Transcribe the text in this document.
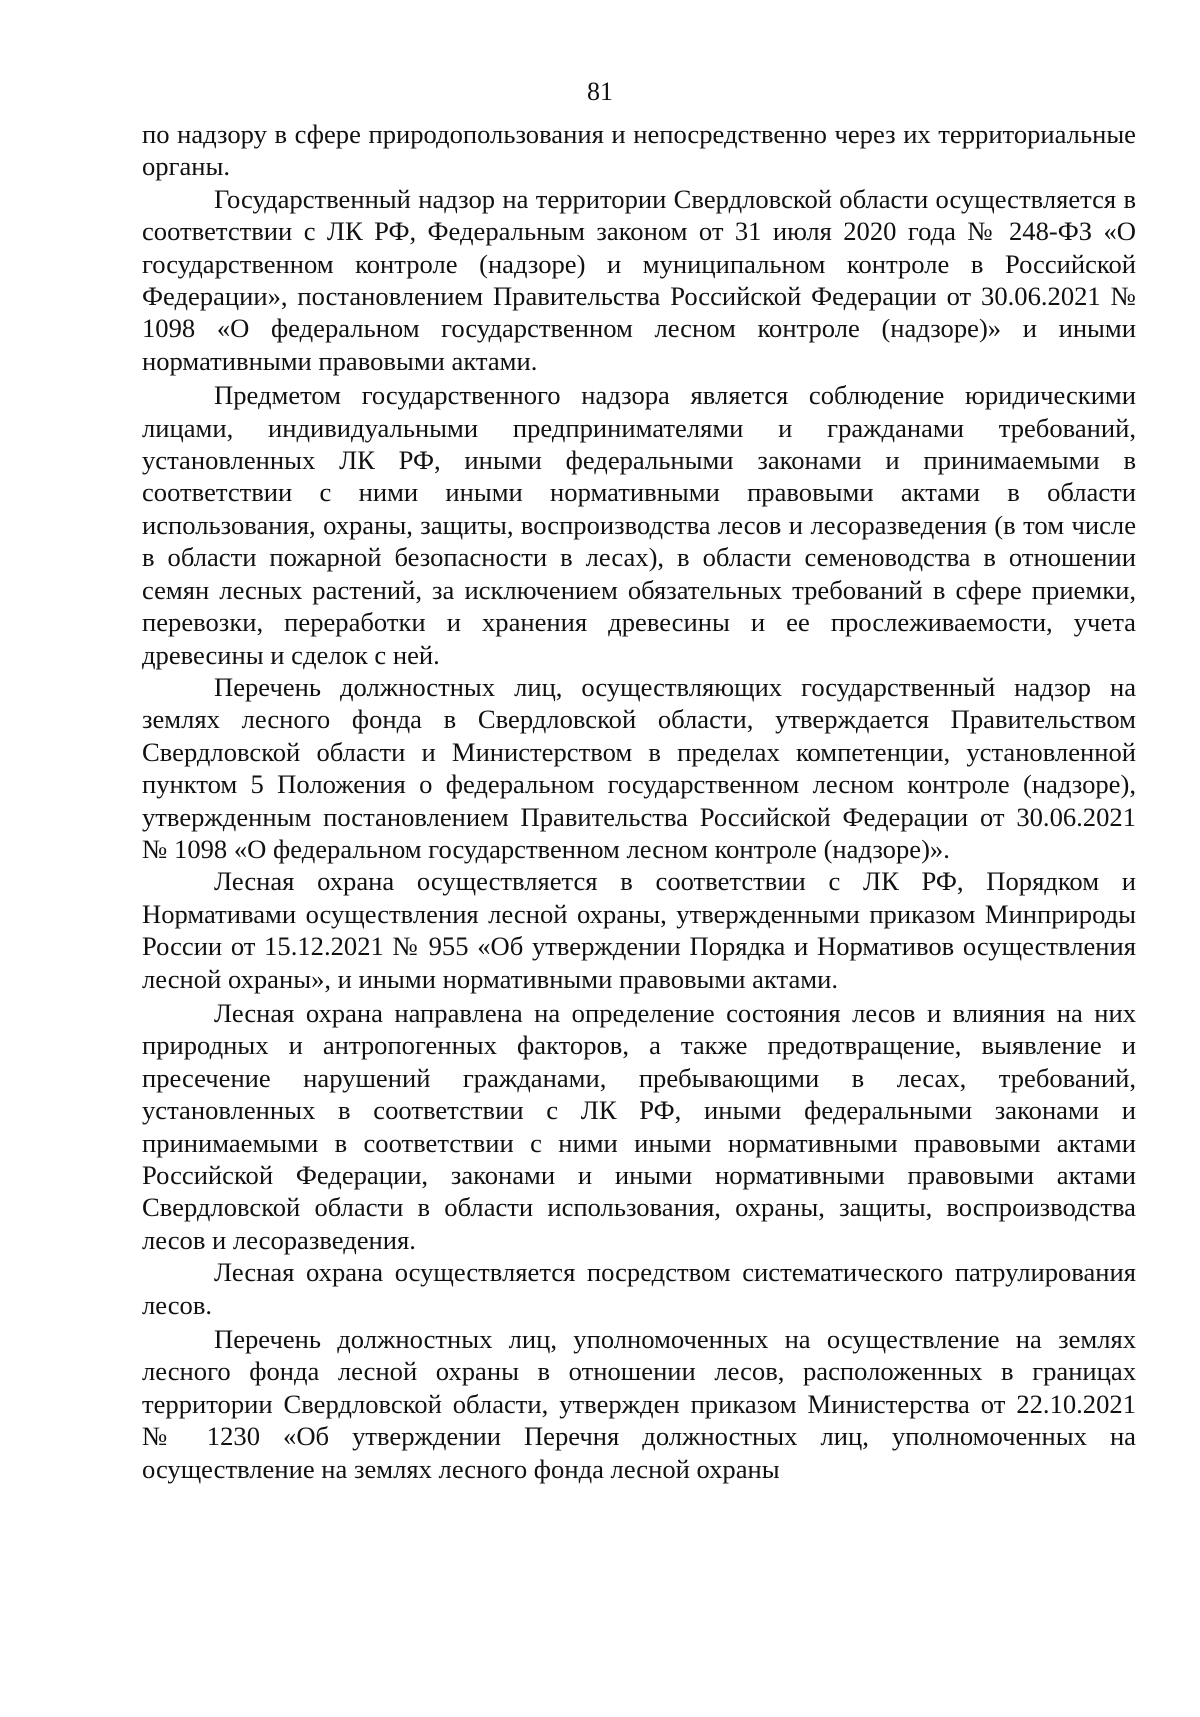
81

по надзору в сфере природопользования и непосредственно через их территориальные органы.

Государственный надзор на территории Свердловской области осуществляется в соответствии с ЛК РФ, Федеральным законом от 31 июля 2020 года № 248-ФЗ «О государственном контроле (надзоре) и муниципальном контроле в Российской Федерации», постановлением Правительства Российской Федерации от 30.06.2021 № 1098 «О федеральном государственном лесном контроле (надзоре)» и иными нормативными правовыми актами.

Предметом государственного надзора является соблюдение юридическими лицами, индивидуальными предпринимателями и гражданами требований, установленных ЛК РФ, иными федеральными законами и принимаемыми в соответствии с ними иными нормативными правовыми актами в области использования, охраны, защиты, воспроизводства лесов и лесоразведения (в том числе в области пожарной безопасности в лесах), в области семеноводства в отношении семян лесных растений, за исключением обязательных требований в сфере приемки, перевозки, переработки и хранения древесины и ее прослеживаемости, учета древесины и сделок с ней.

Перечень должностных лиц, осуществляющих государственный надзор на землях лесного фонда в Свердловской области, утверждается Правительством Свердловской области и Министерством в пределах компетенции, установленной пунктом 5 Положения о федеральном государственном лесном контроле (надзоре), утвержденным постановлением Правительства Российской Федерации от 30.06.2021 № 1098 «О федеральном государственном лесном контроле (надзоре)».

Лесная охрана осуществляется в соответствии с ЛК РФ, Порядком и Нормативами осуществления лесной охраны, утвержденными приказом Минприроды России от 15.12.2021 № 955 «Об утверждении Порядка и Нормативов осуществления лесной охраны», и иными нормативными правовыми актами.

Лесная охрана направлена на определение состояния лесов и влияния на них природных и антропогенных факторов, а также предотвращение, выявление и пресечение нарушений гражданами, пребывающими в лесах, требований, установленных в соответствии с ЛК РФ, иными федеральными законами и принимаемыми в соответствии с ними иными нормативными правовыми актами Российской Федерации, законами и иными нормативными правовыми актами Свердловской области в области использования, охраны, защиты, воспроизводства лесов и лесоразведения.

Лесная охрана осуществляется посредством систематического патрулирования лесов.

Перечень должностных лиц, уполномоченных на осуществление на землях лесного фонда лесной охраны в отношении лесов, расположенных в границах территории Свердловской области, утвержден приказом Министерства от 22.10.2021 № 1230 «Об утверждении Перечня должностных лиц, уполномоченных на осуществление на землях лесного фонда лесной охраны
